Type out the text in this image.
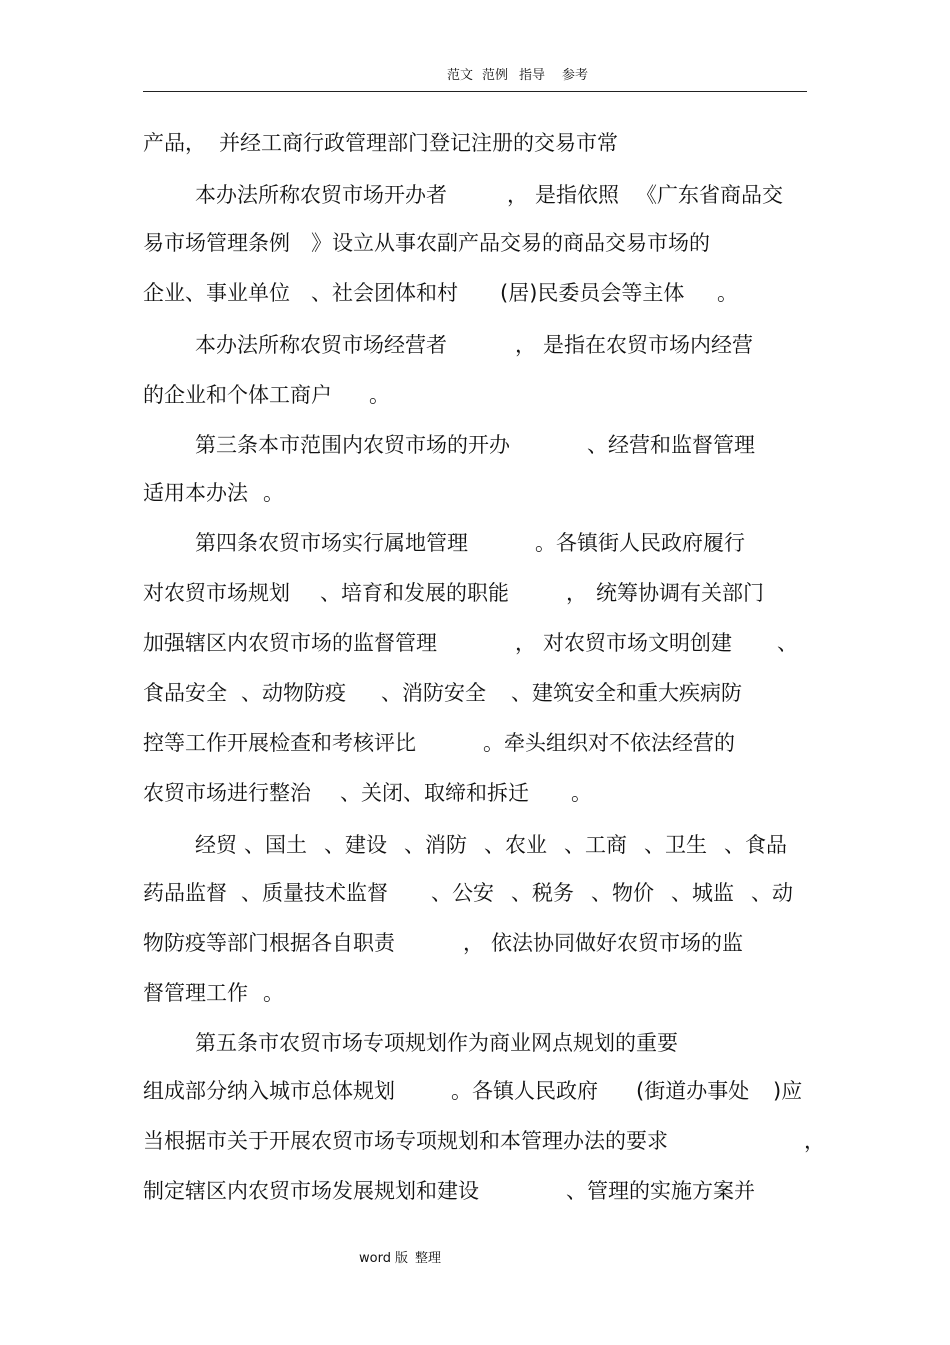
范文 范例 指导 参考
产品， 并经工商行政管理部门登记注册的交易市常
本办法所称农贸市场开办者	， 是指依照 《广东省商品交
易市场管理条例 》设立从事农副产品交易的商品交易市场的
企业、事业单位 、社会团体和村 (居)民委员会等主体 。
本办法所称农贸市场经营者	， 是指在农贸市场内经营
的企业和个体工商户 。
第三条本市范围内农贸市场的开办	、经营和监督管理
适用本办法 。
第四条农贸市场实行属地管理	。各镇街人民政府履行
对农贸市场规划 、培育和发展的职能	， 统筹协调有关部门
加强辖区内农贸市场的监督管理	， 对农贸市场文明创建 、
食品安全 、动物防疫 、消防安全 、建筑安全和重大疾病防
控等工作开展检查和考核评比	。牵头组织对不依法经营的
农贸市场进行整治 、关闭、取缔和拆迁 。
经贸 、国土 、建设 、消防 、农业 、工商 、卫生 、食品
药品监督 、质量技术监督 、公安 、税务 、物价 、城监 、动
物防疫等部门根据各自职责	， 依法协同做好农贸市场的监
督管理工作 。
第五条市农贸市场专项规划作为商业网点规划的重要
组成部分纳入城市总体规划	。各镇人民政府 (街道办事处 )应
当根据市关于开展农贸市场专项规划和本管理办法的要求	，
制定辖区内农贸市场发展规划和建设	、管理的实施方案并
word 版 整理
